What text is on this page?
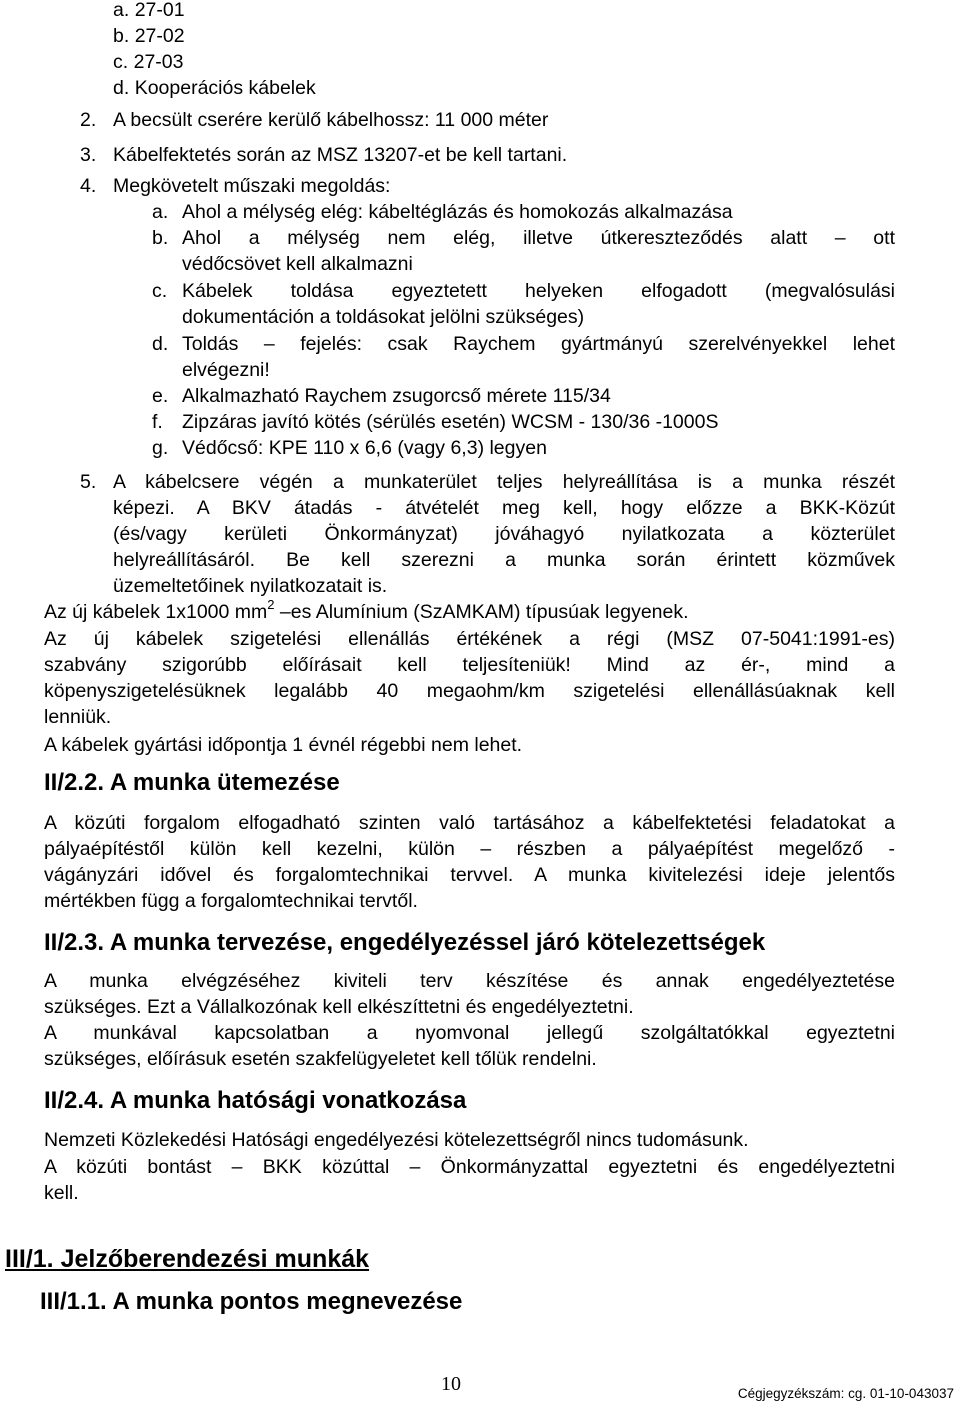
a. 27-01
b. 27-02
c. 27-03
d. Kooperációs kábelek
2. A becsült cserére kerülő kábelhossz: 11 000 méter
3. Kábelfektetés során az MSZ 13207-et be kell tartani.
4. Megkövetelt műszaki megoldás:
a. Ahol a mélység elég: kábeltéglázás és homokozás alkalmazása
b. Ahol a mélység nem elég, illetve útkereszteződés alatt – ott
védőcsövet kell alkalmazni
c. Kábelek toldása egyeztetett helyeken elfogadott (megvalósulási
dokumentáción a toldásokat jelölni szükséges)
d. Toldás – fejelés: csak Raychem gyártmányú szerelvényekkel lehet
elvégezni!
e. Alkalmazható Raychem zsugorcső mérete 115/34
f. Zipzáras javító kötés (sérülés esetén) WCSM - 130/36 -1000S
g. Védőcső: KPE 110 x 6,6 (vagy 6,3) legyen
5. A kábelcsere végén a munkaterület teljes helyreállítása is a munka részét
képezi. A BKV átadás - átvételét meg kell, hogy előzze a BKK-Közút
(és/vagy kerületi Önkormányzat) jóváhagyó nyilatkozata a közterület
helyreállításáról. Be kell szerezni a munka során érintett közművek
üzemeltetőinek nyilatkozatait is.
Az új kábelek 1x1000 $mm^2$ –es Alumínium (SzAMKAM) típusúak legyenek.
Az új kábelek szigetelési ellenállás értékének a régi (MSZ 07-5041:1991-es)
szabvány szigorúbb előírásait kell teljesíteniük! Mind az ér-, mind a
köpenyszigetelésüknek legalább 40 megaohm/km szigetelési ellenállásúaknak kell
lenniük.
A kábelek gyártási időpontja 1 évnél régebbi nem lehet.
II/2.2. A munka ütemezése
A közúti forgalom elfogadható szinten való tartásához a kábelfektetési feladatokat a
pályaépítéstől külön kell kezelni, külön – részben a pályaépítést megelőző -
vágányzári idővel és forgalomtechnikai tervvel. A munka kivitelezési ideje jelentős
mértékben függ a forgalomtechnikai tervtől.
II/2.3. A munka tervezése, engedélyezéssel járó kötelezettségek
A munka elvégzéséhez kiviteli terv készítése és annak engedélyeztetése
szükséges. Ezt a Vállalkozónak kell elkészíttetni és engedélyeztetni.
A munkával kapcsolatban a nyomvonal jellegű szolgáltatókkal egyeztetni
szükséges, előírásuk esetén szakfelügyeletet kell tőlük rendelni.
II/2.4. A munka hatósági vonatkozása
Nemzeti Közlekedési Hatósági engedélyezési kötelezettségről nincs tudomásunk.
A közúti bontást – BKK közúttal – Önkormányzattal egyeztetni és engedélyeztetni
kell.
III/1. Jelzőberendezési munkák
III/1.1. A munka pontos megnevezése
10	Cégjegyzékszám: cg. 01-10-043037
